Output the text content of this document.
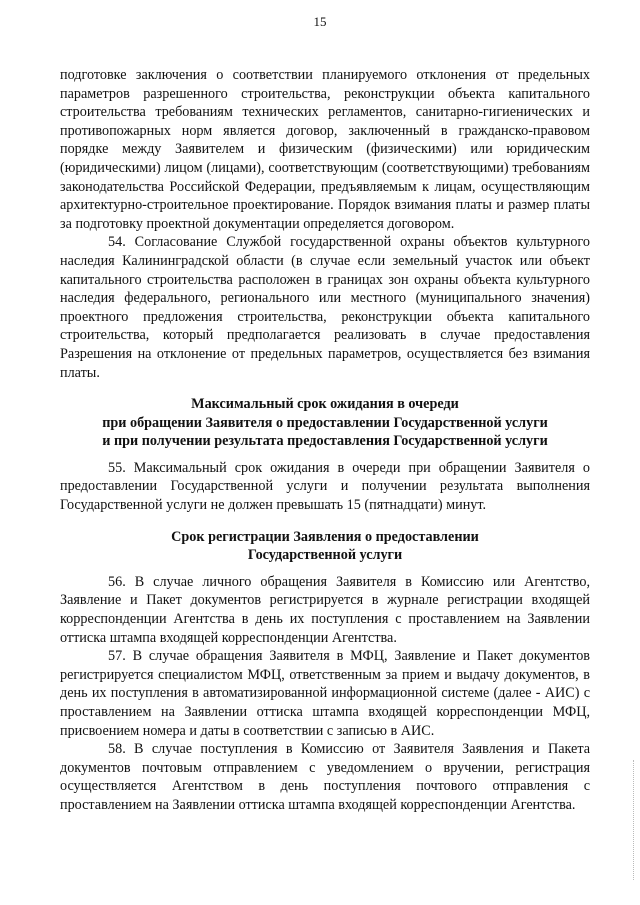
15

подготовке заключения о соответствии планируемого отклонения от предельных параметров разрешенного строительства, реконструкции объекта капитального строительства требованиям технических регламентов, санитарно-гигиенических и противопожарных норм является договор, заключенный в гражданско-правовом порядке между Заявителем и физическим (физическими) или юридическим (юридическими) лицом (лицами), соответствующим (соответствующими) требованиям законодательства Российской Федерации, предъявляемым к лицам, осуществляющим архитектурно-строительное проектирование. Порядок взимания платы и размер платы за подготовку проектной документации определяется договором.

54. Согласование Службой государственной охраны объектов культурного наследия Калининградской области (в случае если земельный участок или объект капитального строительства расположен в границах зон охраны объекта культурного наследия федерального, регионального или местного (муниципального значения) проектного предложения строительства, реконструкции объекта капитального строительства, который предполагается реализовать в случае предоставления Разрешения на отклонение от предельных параметров, осуществляется без взимания платы.

Максимальный срок ожидания в очереди
при обращении Заявителя о предоставлении Государственной услуги
и при получении результата предоставления Государственной услуги

55. Максимальный срок ожидания в очереди при обращении Заявителя о предоставлении Государственной услуги и получении результата выполнения Государственной услуги не должен превышать 15 (пятнадцати) минут.

Срок регистрации Заявления о предоставлении
Государственной услуги

56. В случае личного обращения Заявителя в Комиссию или Агентство, Заявление и Пакет документов регистрируется в журнале регистрации входящей корреспонденции Агентства в день их поступления с проставлением на Заявлении оттиска штампа входящей корреспонденции Агентства.

57. В случае обращения Заявителя в МФЦ, Заявление и Пакет документов регистрируется специалистом МФЦ, ответственным за прием и выдачу документов, в день их поступления в автоматизированной информационной системе (далее - АИС) с проставлением на Заявлении оттиска штампа входящей корреспонденции МФЦ, присвоением номера и даты в соответствии с записью в АИС.

58. В случае поступления в Комиссию от Заявителя Заявления и Пакета документов почтовым отправлением с уведомлением о вручении, регистрация осуществляется Агентством в день поступления почтового отправления с проставлением на Заявлении оттиска штампа входящей корреспонденции Агентства.
